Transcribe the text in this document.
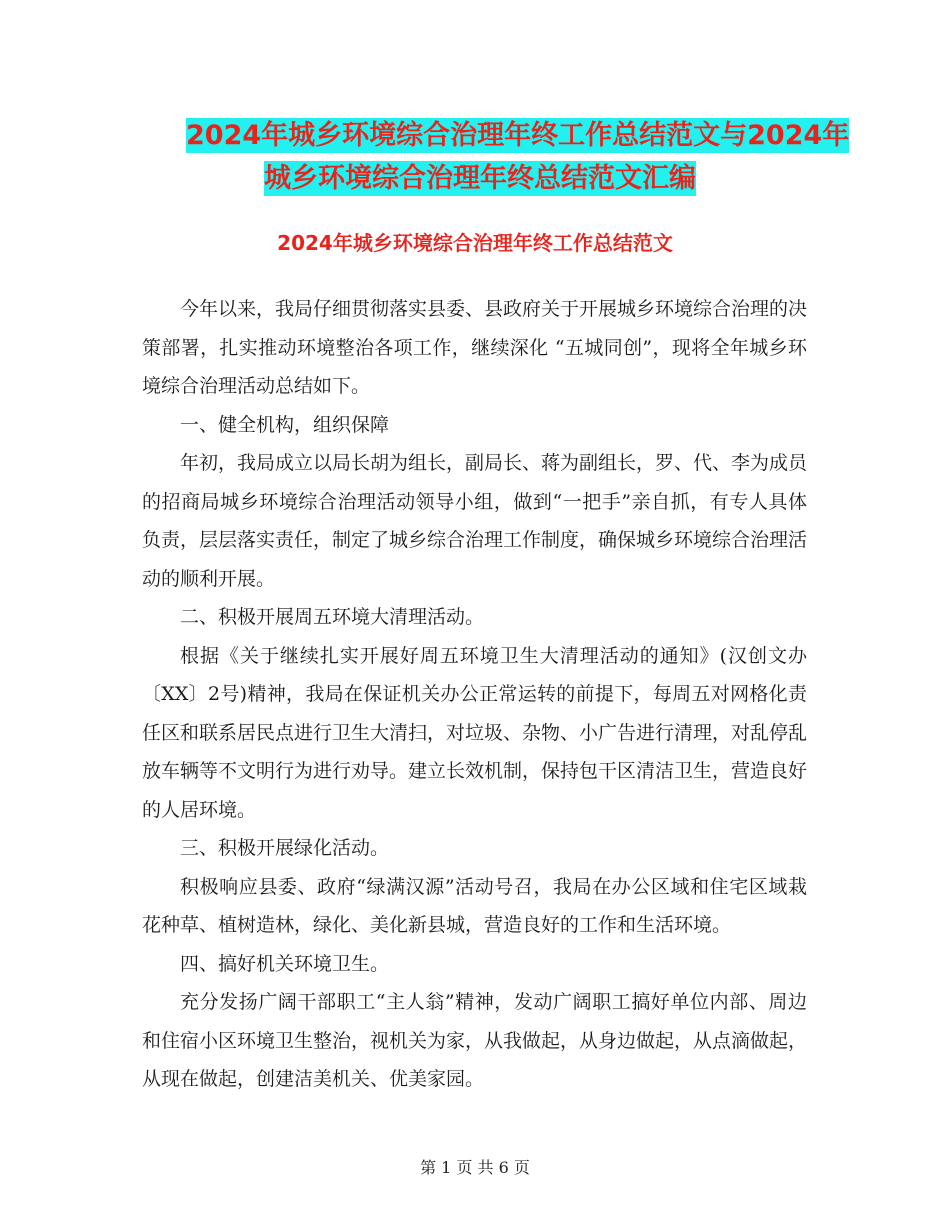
2024年城乡环境综合治理年终工作总结范文与2024年
城乡环境综合治理年终总结范文汇编
2024年城乡环境综合治理年终工作总结范文

今年以来，我局仔细贯彻落实县委、县政府关于开展城乡环境综合治理的决策部署，扎实推动环境整治各项工作，继续深化 “五城同创”，现将全年城乡环境综合治理活动总结如下。

一、健全机构，组织保障

年初，我局成立以局长胡为组长，副局长、蒋为副组长，罗、代、李为成员的招商局城乡环境综合治理活动领导小组，做到“一把手”亲自抓，有专人具体负责，层层落实责任，制定了城乡综合治理工作制度，确保城乡环境综合治理活动的顺利开展。

二、积极开展周五环境大清理活动。

根据《关于继续扎实开展好周五环境卫生大清理活动的通知》(汉创文办〔XX〕2号)精神，我局在保证机关办公正常运转的前提下，每周五对网格化责任区和联系居民点进行卫生大清扫，对垃圾、杂物、小广告进行清理，对乱停乱放车辆等不文明行为进行劝导。建立长效机制，保持包干区清洁卫生，营造良好的人居环境。

三、积极开展绿化活动。

积极响应县委、政府“绿满汉源”活动号召，我局在办公区域和住宅区域栽花种草、植树造林，绿化、美化新县城，营造良好的工作和生活环境。

四、搞好机关环境卫生。

充分发扬广阔干部职工“主人翁”精神，发动广阔职工搞好单位内部、周边和住宿小区环境卫生整治，视机关为家，从我做起，从身边做起，从点滴做起，从现在做起，创建洁美机关、优美家园。

第 1 页 共 6 页
